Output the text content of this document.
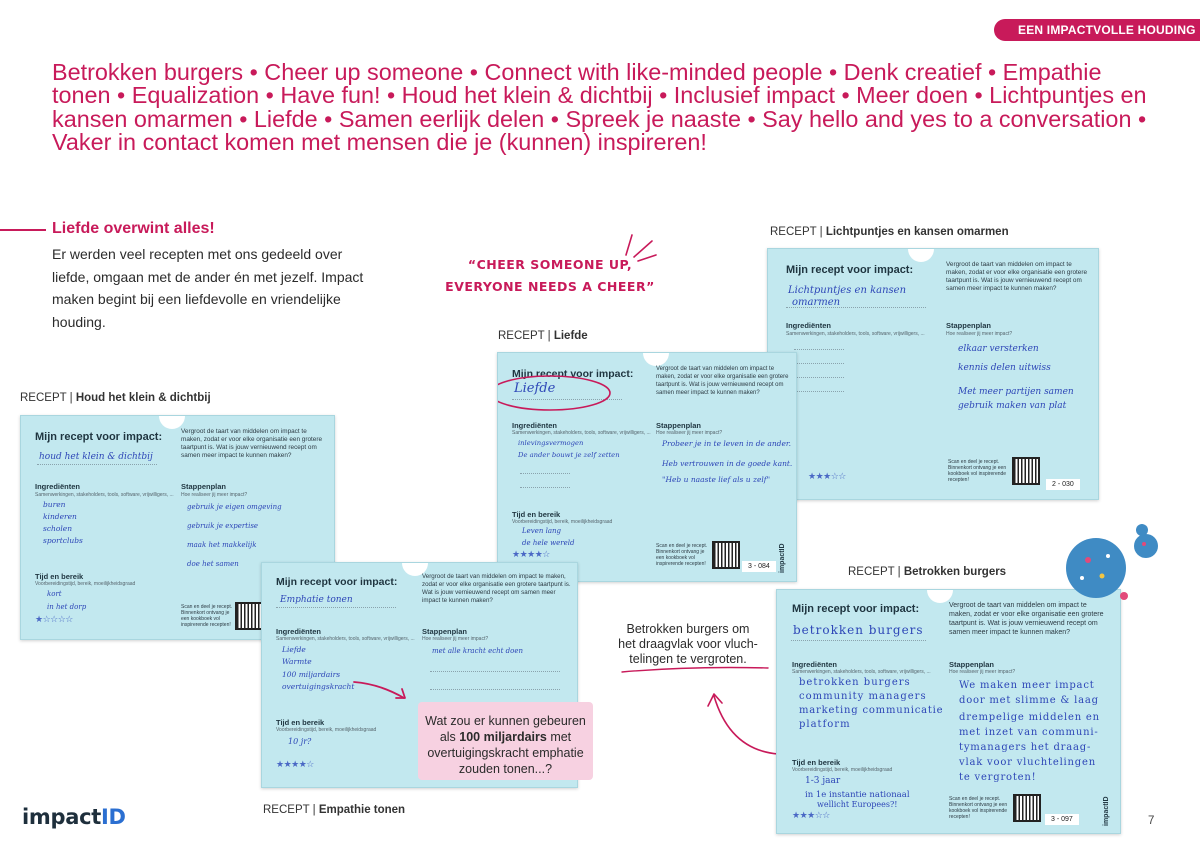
EEN IMPACTVOLLE HOUDING
Betrokken burgers • Cheer up someone • Connect with like-minded people • Denk creatief • Empathie tonen • Equalization • Have fun! • Houd het klein & dichtbij • Inclusief impact • Meer doen • Lichtpuntjes en kansen omarmen • Liefde • Samen eerlijk delen • Spreek je naaste • Say hello and yes to a conversation • Vaker in contact komen met mensen die je (kunnen) inspireren!
Liefde overwint alles!
Er werden veel recepten met ons gedeeld over liefde, omgaan met de ander én met jezelf. Impact maken begint bij een liefdevolle en vriendelijke houding.
“CHEER SOMEONE UP,
EVERYONE NEEDS A CHEER”
RECEPT | Houd het klein & dichtbij
Mijn recept voor impact:	Vergroot de taart van middelen om impact te maken, zodat er voor elke organisatie een grotere taartpunt is. Wat is jouw vernieuwend recept om samen meer impact te kunnen maken?
houd het klein & dichtbij
Ingrediënten
Samenwerkingen, stakeholders, tools, software, vrijwilligers, ...
buren
kinderen
scholen
sportclubs
Stappenplan
Hoe realiseer jij meer impact?
gebruik je eigen omgeving
gebruik je expertise
maak het makkelijk
doe het samen
Tijd en bereik
Voorbereidingstijd, bereik, moeilijkheidsgraad
kort
in het dorp
★☆☆☆☆
Scan en deel je recept. Binnenkort ontvang je een kookboek vol inspirerende recepten!
RECEPT | Lichtpuntjes en kansen omarmen
Mijn recept voor impact:	Vergroot de taart van middelen om impact te maken, zodat er voor elke organisatie een grotere taartpunt is. Wat is jouw vernieuwend recept om samen meer impact te kunnen maken?
Lichtpuntjes en kansen
omarmen
Ingrediënten
Samenwerkingen, stakeholders, tools, software, vrijwilligers, ...
Stappenplan
Hoe realiseer jij meer impact?
elkaar versterken
kennis delen uitwiss
Met meer partijen samen
gebruik maken van plat
★★★☆☆
Scan en deel je recept. Binnenkort ontvang je een kookboek vol inspirerende recepten!
2 - 030
RECEPT | Liefde
Mijn recept voor impact:	Vergroot de taart van middelen om impact te maken, zodat er voor elke organisatie een grotere taartpunt is. Wat is jouw vernieuwend recept om samen meer impact te kunnen maken?
Liefde
Ingrediënten
Samenwerkingen, stakeholders, tools, software, vrijwilligers, ...
inlevingsvermogen
De ander bouwt je zelf zetten
Stappenplan
Hoe realiseer jij meer impact?
Probeer je in te leven in de ander.
Heb vertrouwen in de goede kant.
"Heb u naaste lief als u zelf"
Tijd en bereik
Voorbereidingstijd, bereik, moeilijkheidsgraad
Leven lang
de hele wereld
★★★★☆
Scan en deel je recept. Binnenkort ontvang je een kookboek vol inspirerende recepten!	3 - 084	impactID
RECEPT | Empathie tonen
Mijn recept voor impact:	Vergroot de taart van middelen om impact te maken, zodat er voor elke organisatie een grotere taartpunt is. Wat is jouw vernieuwend recept om samen meer impact te kunnen maken?
Emphatie tonen
Ingrediënten
Samenwerkingen, stakeholders, tools, software, vrijwilligers, ...
Liefde
Warmte
100 miljardairs
overtuigingskracht
Stappenplan
Hoe realiseer jij meer impact?
met alle kracht echt doen
Tijd en bereik
Voorbereidingstijd, bereik, moeilijkheidsgraad
10 jr?
★★★★☆
Wat zou er kunnen gebeuren als 100 miljardairs met overtuigingskracht emphatie zouden tonen...?
Betrokken burgers om het draagvlak voor vluch-telingen te vergroten.
RECEPT | Betrokken burgers
Mijn recept voor impact:	Vergroot de taart van middelen om impact te maken, zodat er voor elke organisatie een grotere taartpunt is. Wat is jouw vernieuwend recept om samen meer impact te kunnen maken?
betrokken burgers
Ingrediënten
Samenwerkingen, stakeholders, tools, software, vrijwilligers, ...
betrokken burgers
community managers
marketing communicatie
platform
Stappenplan
Hoe realiseer jij meer impact?
We maken meer impact
door met slimme & laag
drempelige middelen en
met inzet van communi-
tymanagers het draag-
vlak voor vluchtelingen
te vergroten!
Tijd en bereik
Voorbereidingstijd, bereik, moeilijkheidsgraad
1-3 jaar
in 1e instantie nationaal
wellicht Europees?!
★★★☆☆
Scan en deel je recept. Binnenkort ontvang je een kookboek vol inspirerende recepten!	3 - 097	impactID
impactID	7
